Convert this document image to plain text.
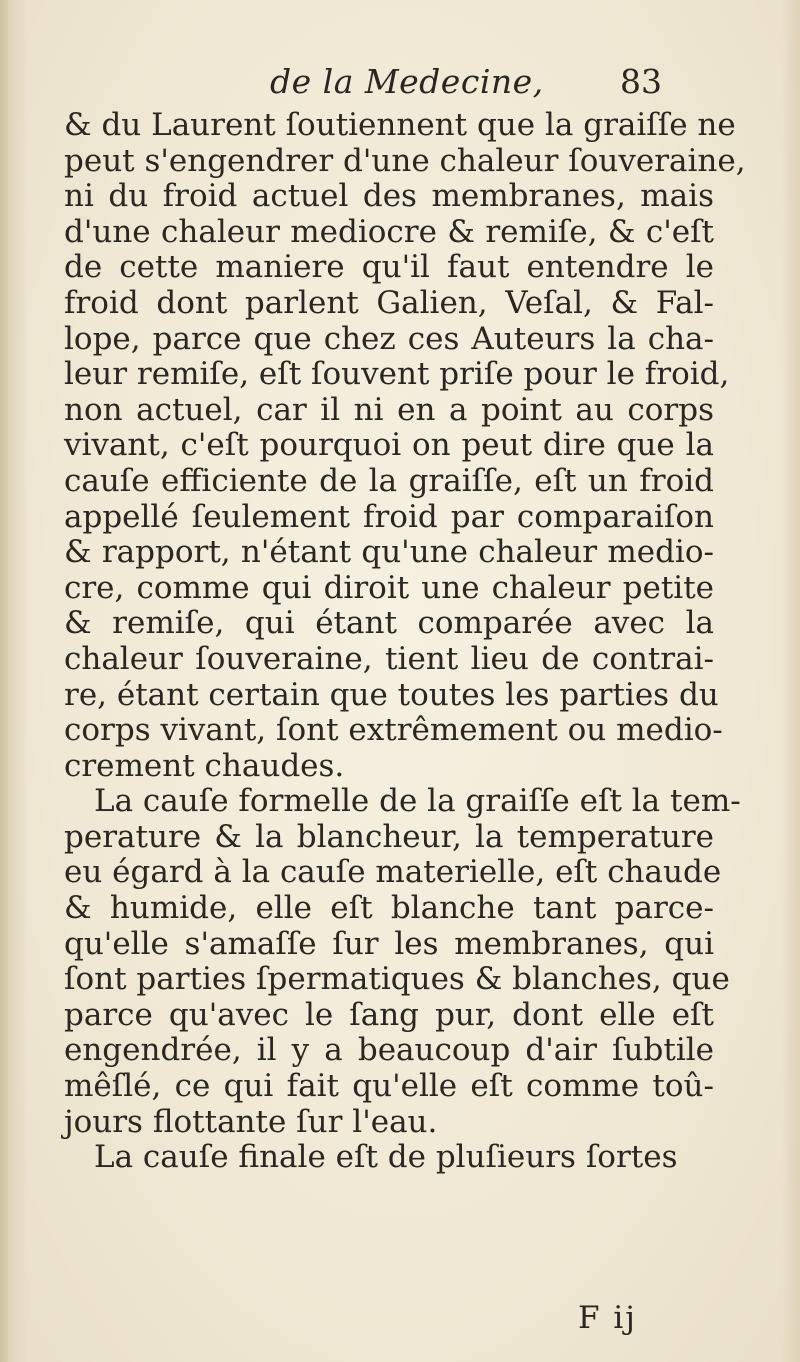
de la Medecine, 83
& du Laurent ſoutiennent que la graiſſe ne
peut s'engendrer d'une chaleur ſouveraine,
ni du froid actuel des membranes, mais
d'une chaleur mediocre & remiſe, & c'eſt
de cette maniere qu'il faut entendre le
froid dont parlent Galien, Veſal, & Fal-
lope, parce que chez ces Auteurs la cha-
leur remiſe, eſt ſouvent priſe pour le froid,
non actuel, car il ni en a point au corps
vivant, c'eſt pourquoi on peut dire que la
cauſe efficiente de la graiſſe, eſt un froid
appellé ſeulement froid par comparaiſon
& rapport, n'étant qu'une chaleur medio-
cre, comme qui diroit une chaleur petite
& remiſe, qui étant comparée avec la
chaleur ſouveraine, tient lieu de contrai-
re, étant certain que toutes les parties du
corps vivant, ſont extrêmement ou medio-
crement chaudes.
La cauſe formelle de la graiſſe eſt la tem-
perature & la blancheur, la temperature
eu égard à la cauſe materielle, eſt chaude
& humide, elle eſt blanche tant parce-
qu'elle s'amaſſe ſur les membranes, qui
ſont parties ſpermatiques & blanches, que
parce qu'avec le ſang pur, dont elle eſt
engendrée, il y a beaucoup d'air ſubtile
mêſlé, ce qui fait qu'elle eſt comme toû-
jours flottante ſur l'eau.
La cauſe finale eſt de pluſieurs ſortes
F ij
